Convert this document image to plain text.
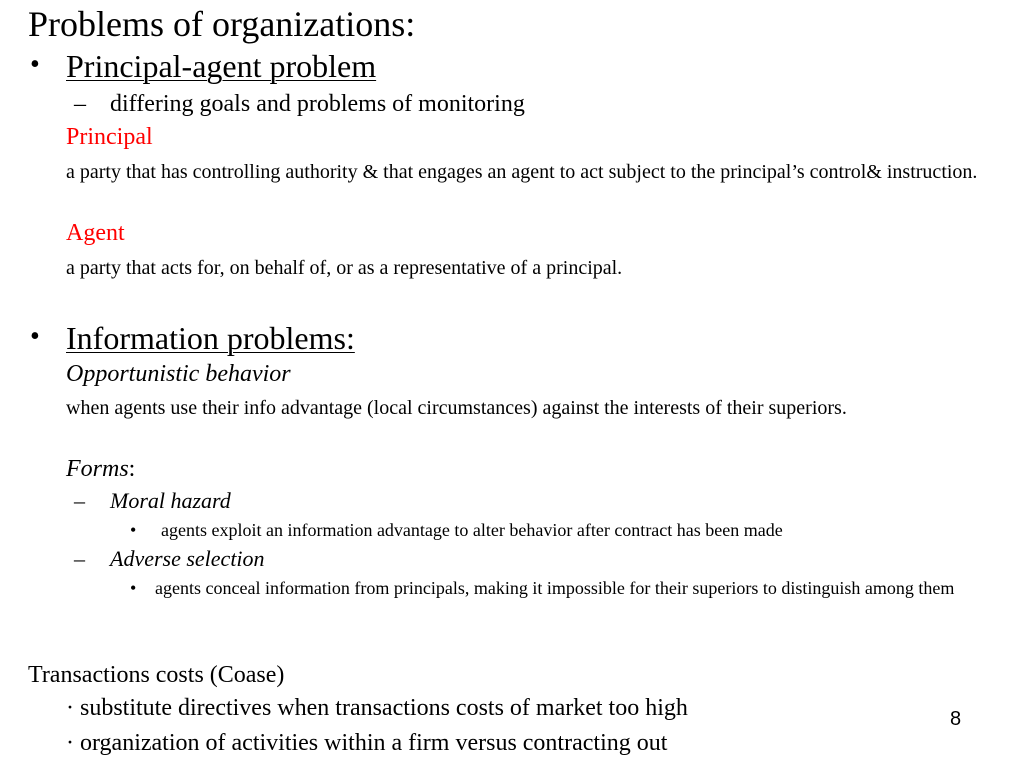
Problems of organizations:
• Principal-agent problem
– differing goals and problems of monitoring
Principal
a party that has controlling authority & that engages an agent to act subject to the principal’s control& instruction.
Agent
a party that acts for, on behalf of, or as a representative of a principal.
• Information problems:
Opportunistic behavior
when agents use their info advantage (local circumstances) against the interests of their superiors.
Forms:
– Moral hazard
• agents exploit an information advantage to alter behavior after contract has been made
– Adverse selection
• agents conceal information from principals, making it impossible for their superiors to distinguish among them
Transactions costs (Coase)
· substitute directives when transactions costs of market too high
· organization of activities within a firm versus contracting out
8
